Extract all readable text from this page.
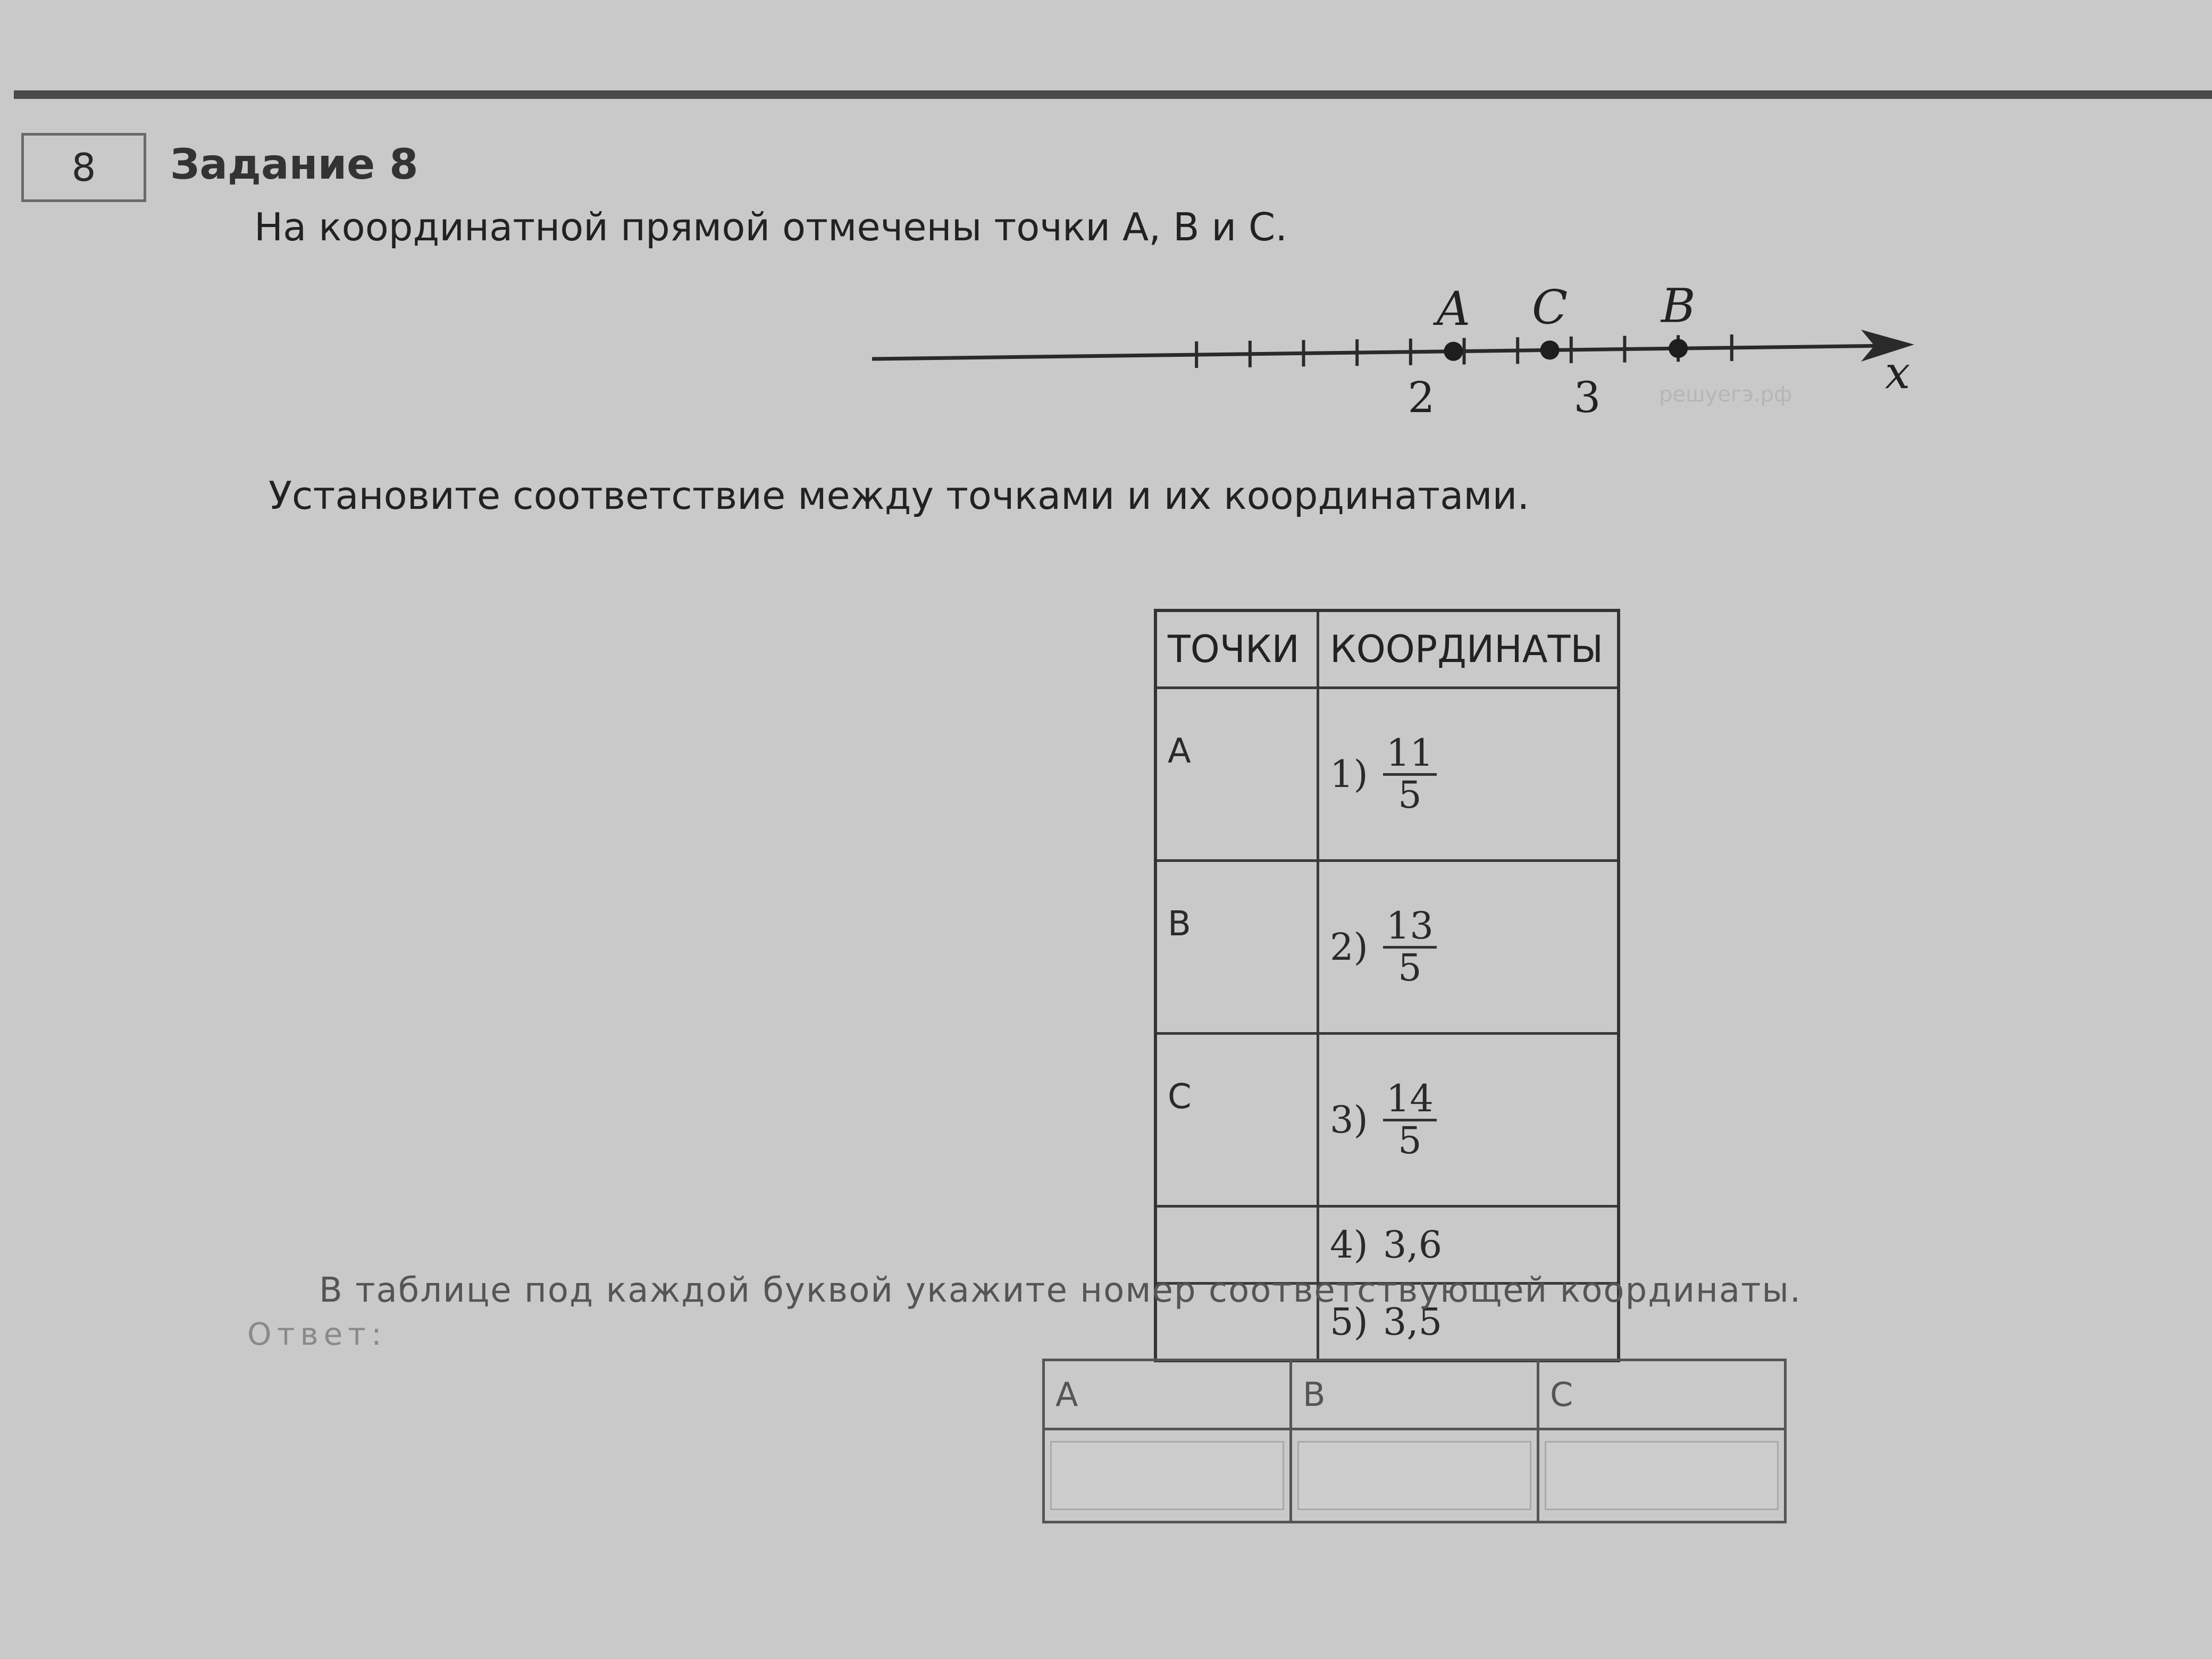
8 Задание 8
На координатной прямой отмечены точки A, B и C.
A C B
2	3	x
решуегэ.рф
Установите соответствие между точками и их координатами.
ТОЧКИ	КООРДИНАТЫ
A	$1) \frac{11}{5}$

B	$2) \frac{13}{5}$

C	$3) \frac{14}{5}$

	4) 3,6

	5) 3,5
В таблице под каждой буквой укажите номер соответствующей координаты.
Ответ:
A	B	C
